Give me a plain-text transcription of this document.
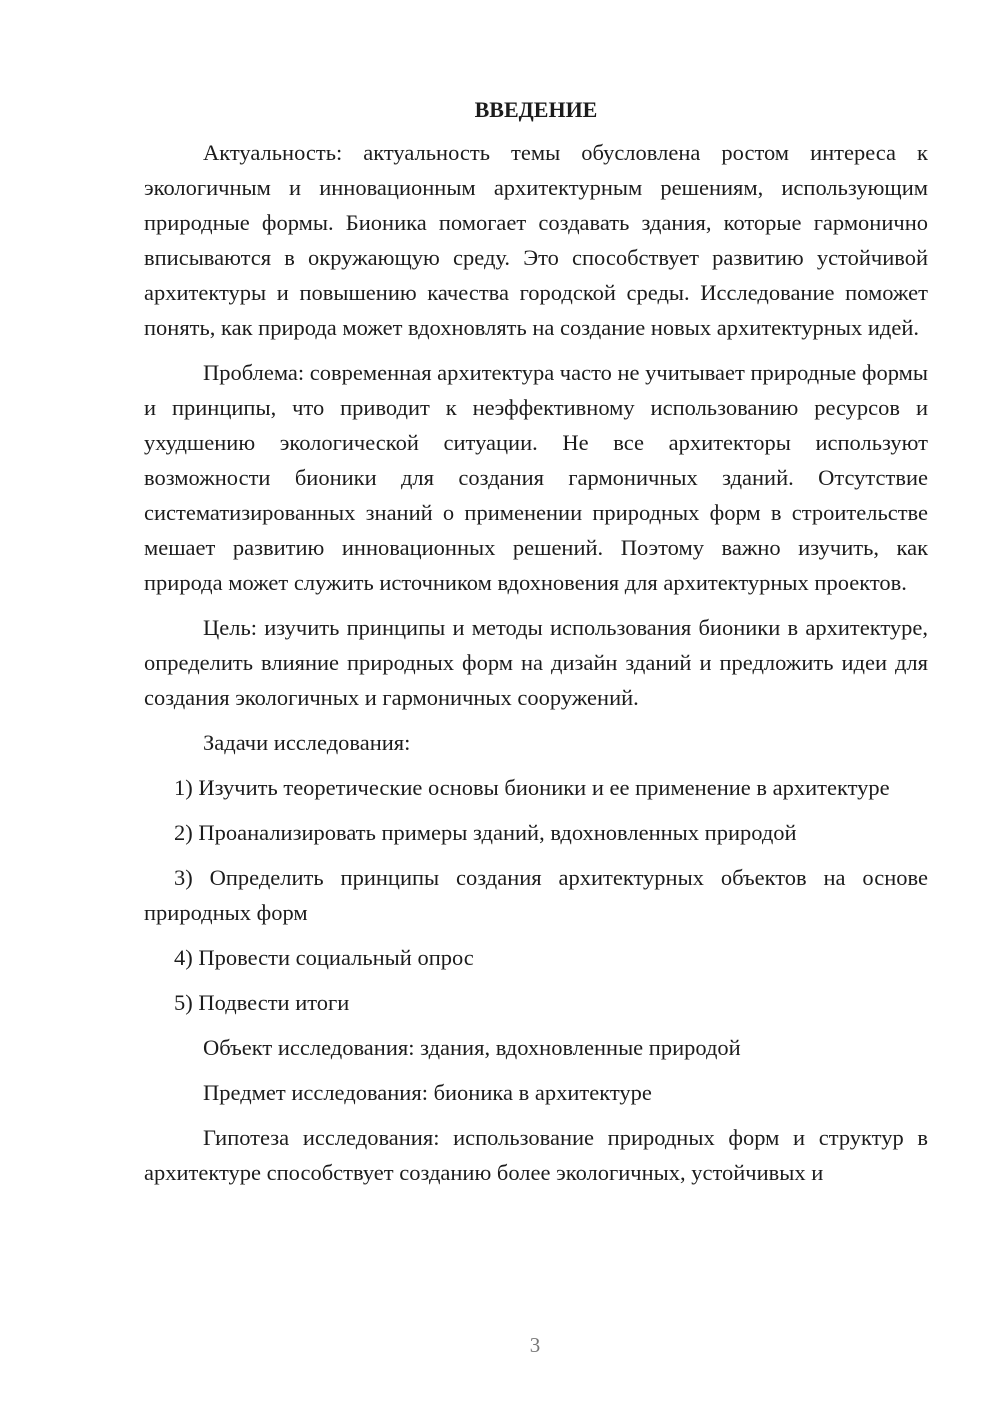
ВВЕДЕНИЕ

Актуальность: актуальность темы обусловлена ростом интереса к экологичным и инновационным архитектурным решениям, использующим природные формы. Бионика помогает создавать здания, которые гармонично вписываются в окружающую среду. Это способствует развитию устойчивой архитектуры и повышению качества городской среды. Исследование поможет понять, как природа может вдохновлять на создание новых архитектурных идей.

Проблема: современная архитектура часто не учитывает природные формы и принципы, что приводит к неэффективному использованию ресурсов и ухудшению экологической ситуации. Не все архитекторы используют возможности бионики для создания гармоничных зданий. Отсутствие систематизированных знаний о применении природных форм в строительстве мешает развитию инновационных решений. Поэтому важно изучить, как природа может служить источником вдохновения для архитектурных проектов.

Цель: изучить принципы и методы использования бионики в архитектуре, определить влияние природных форм на дизайн зданий и предложить идеи для создания экологичных и гармоничных сооружений.

Задачи исследования:

1) Изучить теоретические основы бионики и ее применение в архитектуре

2) Проанализировать примеры зданий, вдохновленных природой

3) Определить принципы создания архитектурных объектов на основе природных форм

4) Провести социальный опрос

5) Подвести итоги

Объект исследования: здания, вдохновленные природой

Предмет исследования: бионика в архитектуре

Гипотеза исследования: использование природных форм и структур в архитектуре способствует созданию более экологичных, устойчивых и

3
